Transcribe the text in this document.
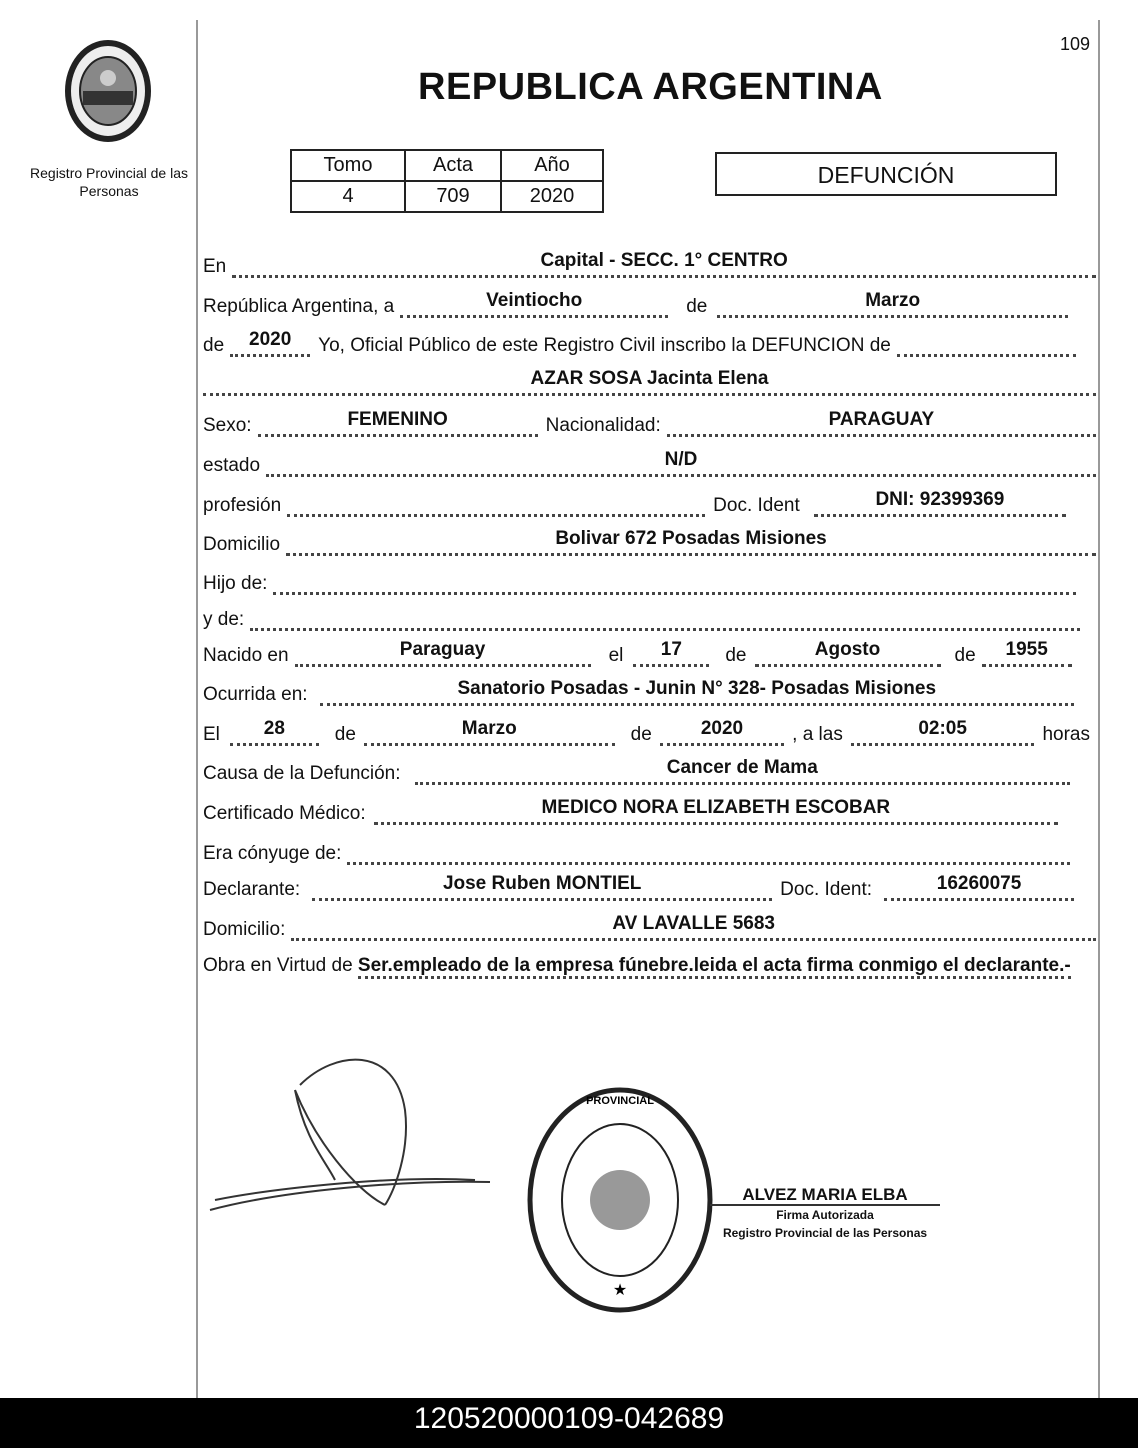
Registro Provincial de las Personas
REPUBLICA ARGENTINA
109
Tomo	Acta	Año
4	709	2020
DEFUNCIÓN
En	Capital - SECC. 1° CENTRO
República Argentina, a	Veintiocho	de	Marzo
de	2020	Yo, Oficial Público de este Registro Civil inscribo la DEFUNCION de
AZAR SOSA Jacinta Elena
Sexo:	FEMENINO	Nacionalidad:	PARAGUAY
estado	N/D
profesión	Doc. Ident	DNI: 92399369
Domicilio	Bolivar 672 Posadas Misiones
Hijo de:
y de:
Nacido en	Paraguay	el	17	de	Agosto	de	1955
Ocurrida en:	Sanatorio Posadas - Junin N° 328- Posadas Misiones
El	28	de	Marzo	de	2020	, a las	02:05	horas
Causa de la Defunción:	Cancer de Mama
Certificado Médico:	MEDICO NORA ELIZABETH ESCOBAR
Era cónyuge de:
Declarante:	Jose Ruben MONTIEL	Doc. Ident:	16260075
Domicilio:	AV LAVALLE 5683
Obra en Virtud de Ser.empleado de la empresa fúnebre.leida el acta firma conmigo el declarante.-
PROVINCIAL
★
ALVEZ MARIA ELBA
Firma Autorizada
Registro Provincial de las Personas
120520000109-042689
